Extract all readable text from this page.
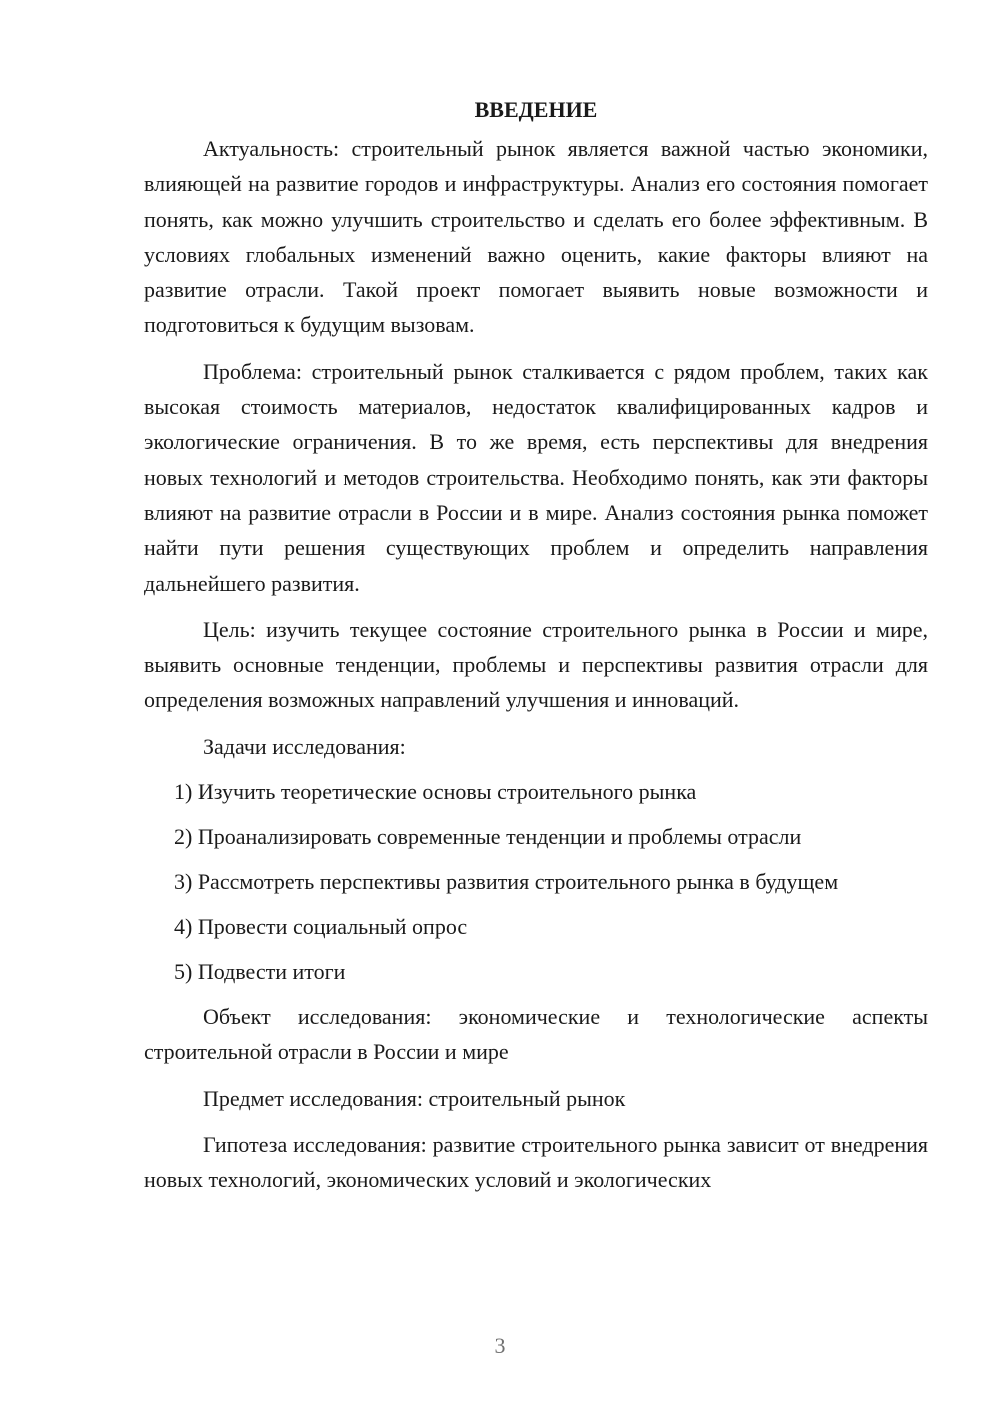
ВВЕДЕНИЕ

Актуальность: строительный рынок является важной частью экономики, влияющей на развитие городов и инфраструктуры. Анализ его состояния помогает понять, как можно улучшить строительство и сделать его более эффективным. В условиях глобальных изменений важно оценить, какие факторы влияют на развитие отрасли. Такой проект помогает выявить новые возможности и подготовиться к будущим вызовам.

Проблема: строительный рынок сталкивается с рядом проблем, таких как высокая стоимость материалов, недостаток квалифицированных кадров и экологические ограничения. В то же время, есть перспективы для внедрения новых технологий и методов строительства. Необходимо понять, как эти факторы влияют на развитие отрасли в России и в мире. Анализ состояния рынка поможет найти пути решения существующих проблем и определить направления дальнейшего развития.

Цель: изучить текущее состояние строительного рынка в России и мире, выявить основные тенденции, проблемы и перспективы развития отрасли для определения возможных направлений улучшения и инноваций.

Задачи исследования:

1) Изучить теоретические основы строительного рынка
2) Проанализировать современные тенденции и проблемы отрасли
3) Рассмотреть перспективы развития строительного рынка в будущем
4) Провести социальный опрос
5) Подвести итоги

Объект исследования: экономические и технологические аспекты строительной отрасли в России и мире

Предмет исследования: строительный рынок

Гипотеза исследования: развитие строительного рынка зависит от внедрения новых технологий, экономических условий и экологических

3
